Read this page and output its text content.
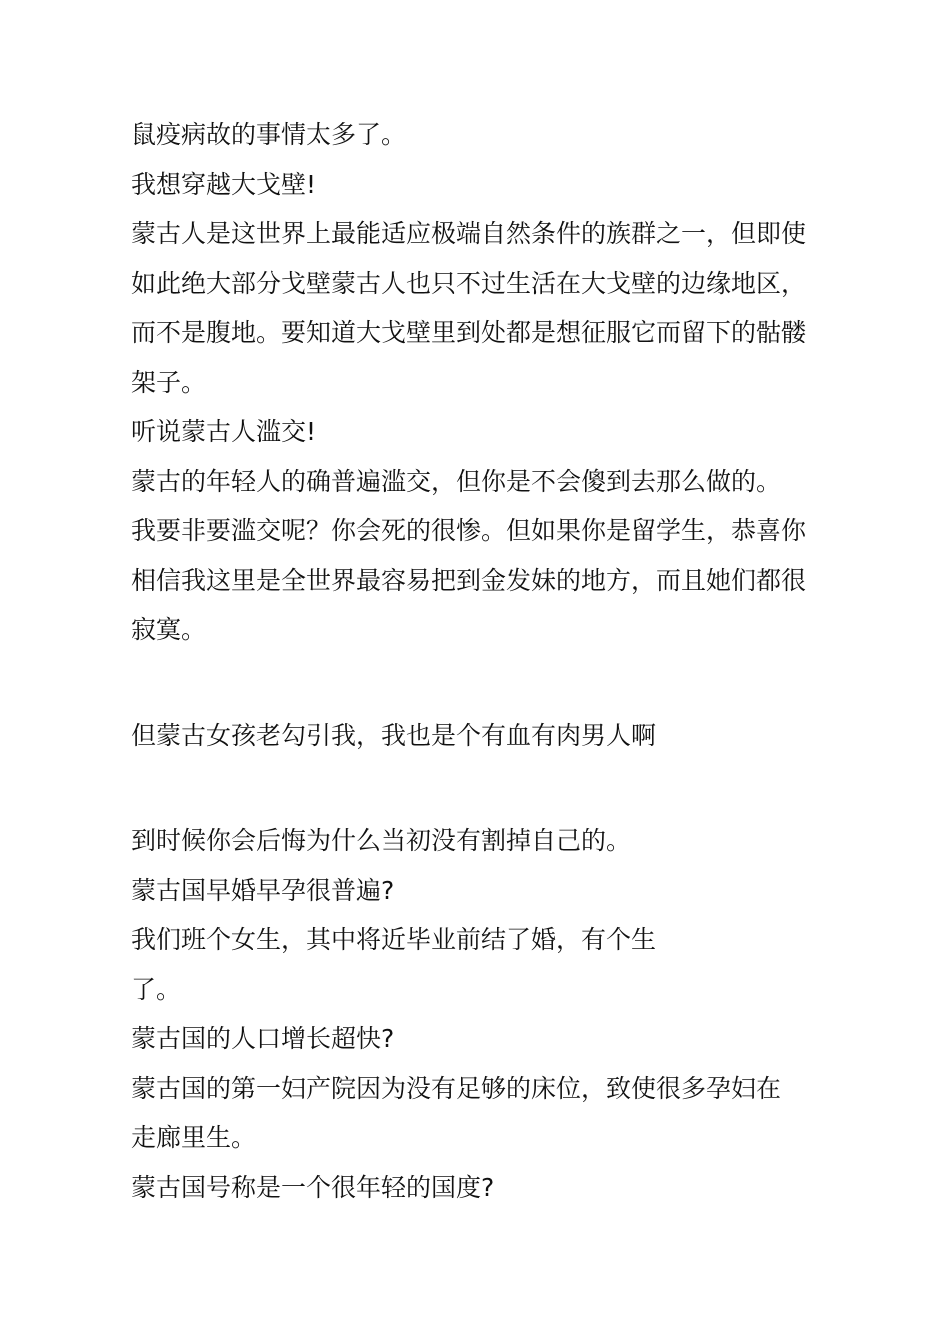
鼠疫病故的事情太多了。
我想穿越大戈壁!
蒙古人是这世界上最能适应极端自然条件的族群之一，但即使
如此绝大部分戈壁蒙古人也只不过生活在大戈壁的边缘地区，
而不是腹地。要知道大戈壁里到处都是想征服它而留下的骷髅
架子。
听说蒙古人滥交!
蒙古的年轻人的确普遍滥交，但你是不会傻到去那么做的。
我要非要滥交呢？你会死的很惨。但如果你是留学生，恭喜你
相信我这里是全世界最容易把到金发妹的地方，而且她们都很
寂寞。
但蒙古女孩老勾引我，我也是个有血有肉男人啊
到时候你会后悔为什么当初没有割掉自己的。
蒙古国早婚早孕很普遍?
我们班个女生，其中将近毕业前结了婚，有个生
了。
蒙古国的人口增长超快?
蒙古国的第一妇产院因为没有足够的床位，致使很多孕妇在
走廊里生。
蒙古国号称是一个很年轻的国度?
